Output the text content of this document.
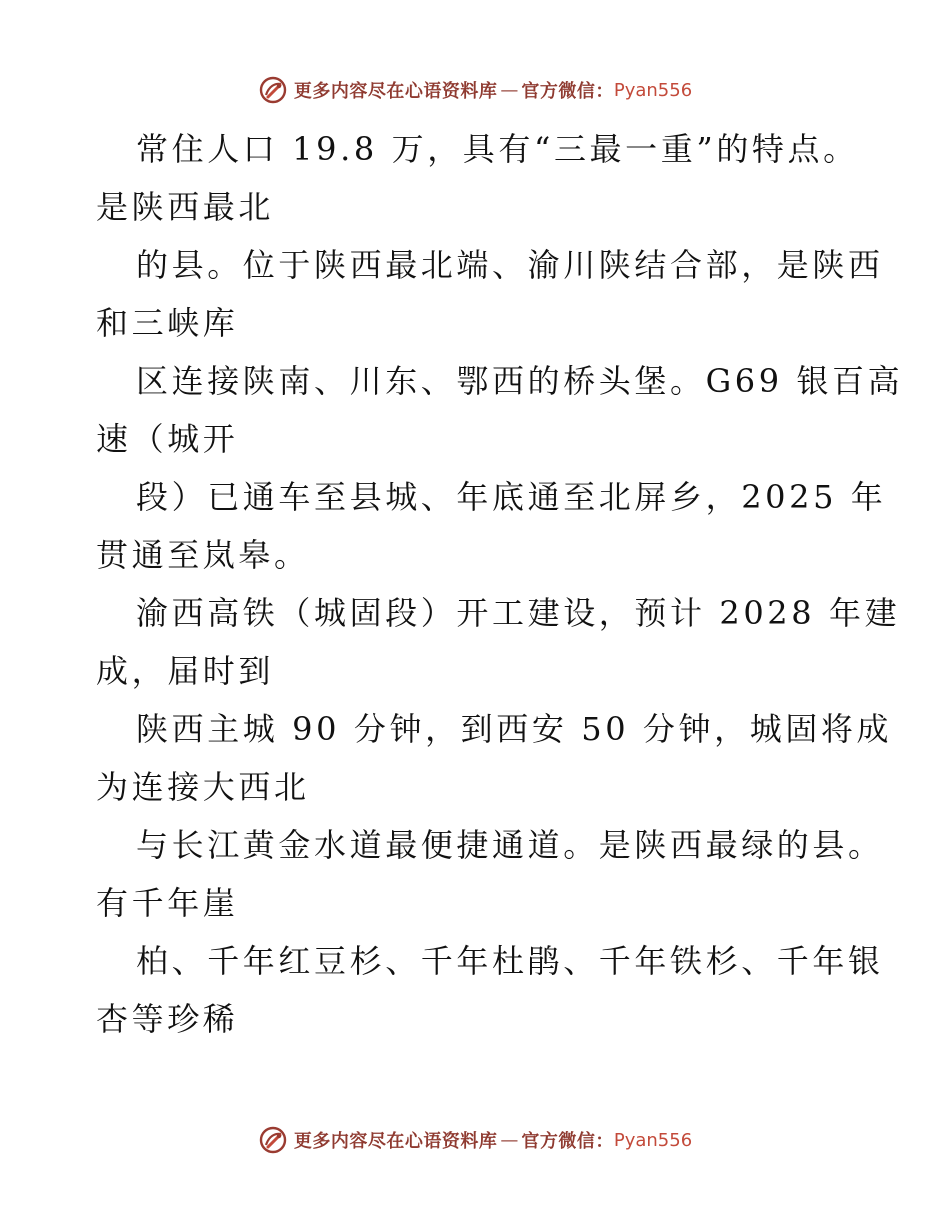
更多内容尽在心语资料库 — 官方微信： Pyan556
常住人口 19.8 万，具有“三最一重”的特点。
是陕西最北
的县。位于陕西最北端、渝川陕结合部，是陕西
和三峡库
区连接陕南、川东、鄂西的桥头堡。G69 银百高
速（城开
段）已通车至县城、年底通至北屏乡，2025 年
贯通至岚皋。
渝西高铁（城固段）开工建设，预计 2028 年建
成，届时到
陕西主城 90 分钟，到西安 50 分钟，城固将成
为连接大西北
与长江黄金水道最便捷通道。是陕西最绿的县。
有千年崖
柏、千年红豆杉、千年杜鹃、千年铁杉、千年银
杏等珍稀
更多内容尽在心语资料库 — 官方微信： Pyan556
